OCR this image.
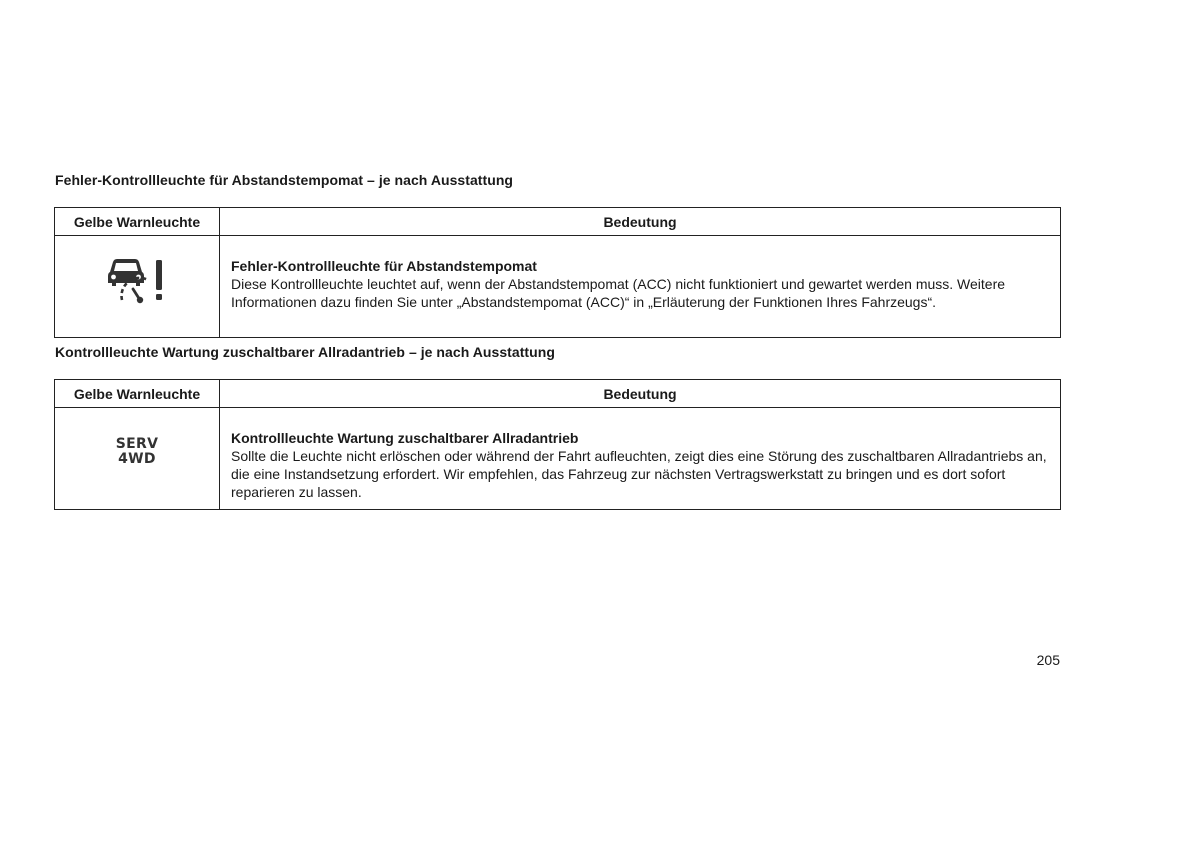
Fehler-Kontrollleuchte für Abstandstempomat – je nach Ausstattung
Gelbe Warnleuchte	Bedeutung

Fehler-Kontrollleuchte für Abstandstempomat
Diese Kontrollleuchte leuchtet auf, wenn der Abstandstempomat (ACC) nicht funktioniert und gewartet werden muss. Weitere Informationen dazu finden Sie unter „Abstandstempomat (ACC)“ in „Erläuterung der Funktionen Ihres Fahrzeugs“.
Kontrollleuchte Wartung zuschaltbarer Allradantrieb – je nach Ausstattung
Gelbe Warnleuchte	Bedeutung

SERV
4WD	Kontrollleuchte Wartung zuschaltbarer Allradantrieb
Sollte die Leuchte nicht erlöschen oder während der Fahrt aufleuchten, zeigt dies eine Störung des zuschaltbaren Allradantriebs an, die eine Instandsetzung erfordert. Wir empfehlen, das Fahrzeug zur nächsten Vertragswerkstatt zu bringen und es dort sofort reparieren zu lassen.
205
